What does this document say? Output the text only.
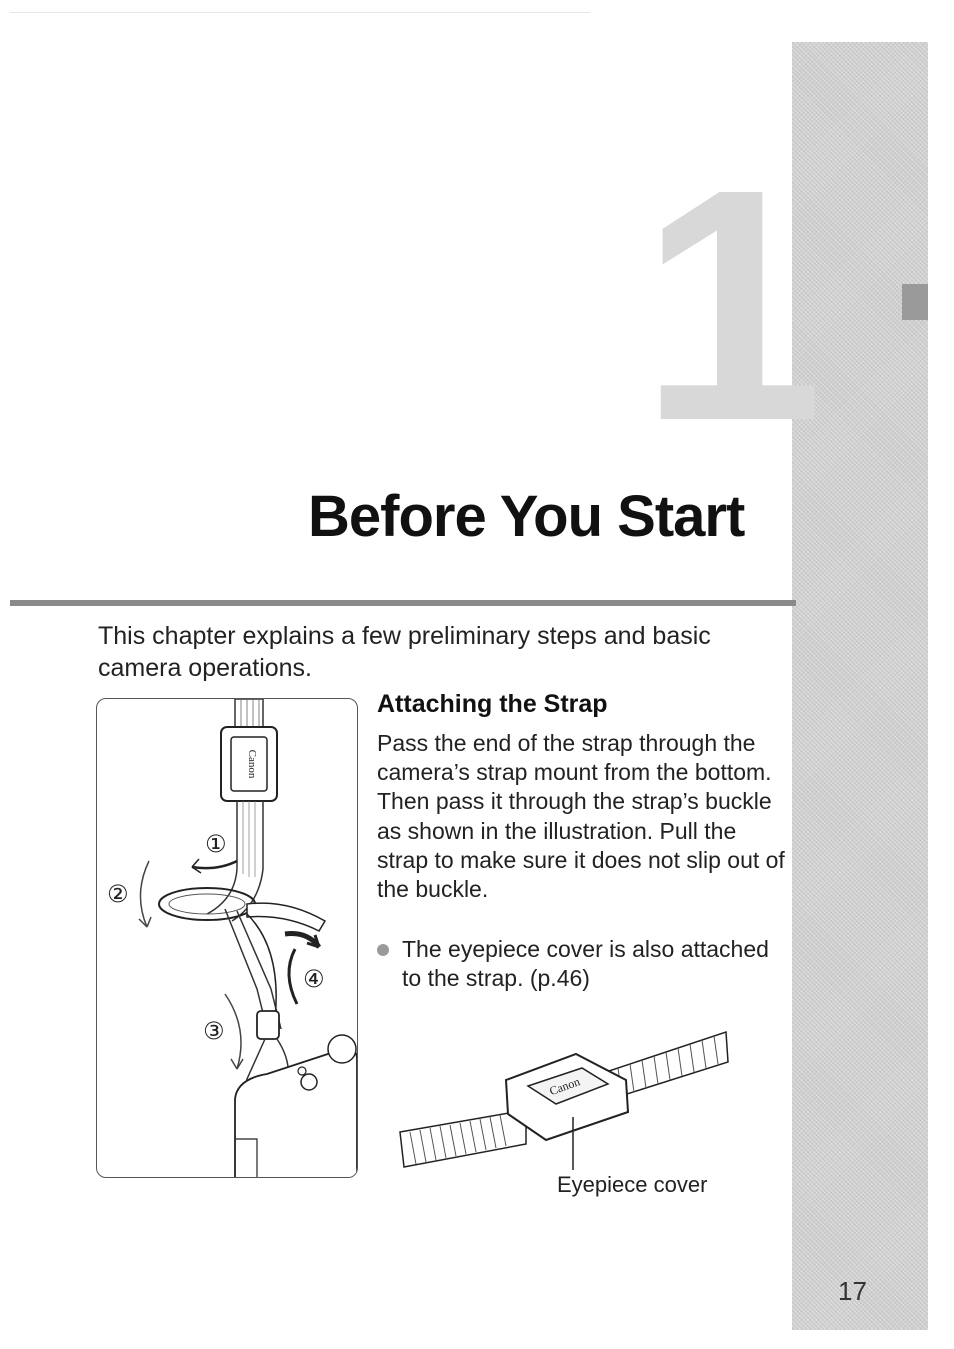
1
Before You Start
This chapter explains a few preliminary steps and basic camera operations.
Canon
①
②
③
④
Attaching the Strap
Pass the end of the strap through the camera’s strap mount from the bottom. Then pass it through the strap’s buckle as shown in the illustration. Pull the strap to make sure it does not slip out of the buckle.
The eyepiece cover is also attached to the strap. (p.46)
Canon
Eyepiece cover
17
